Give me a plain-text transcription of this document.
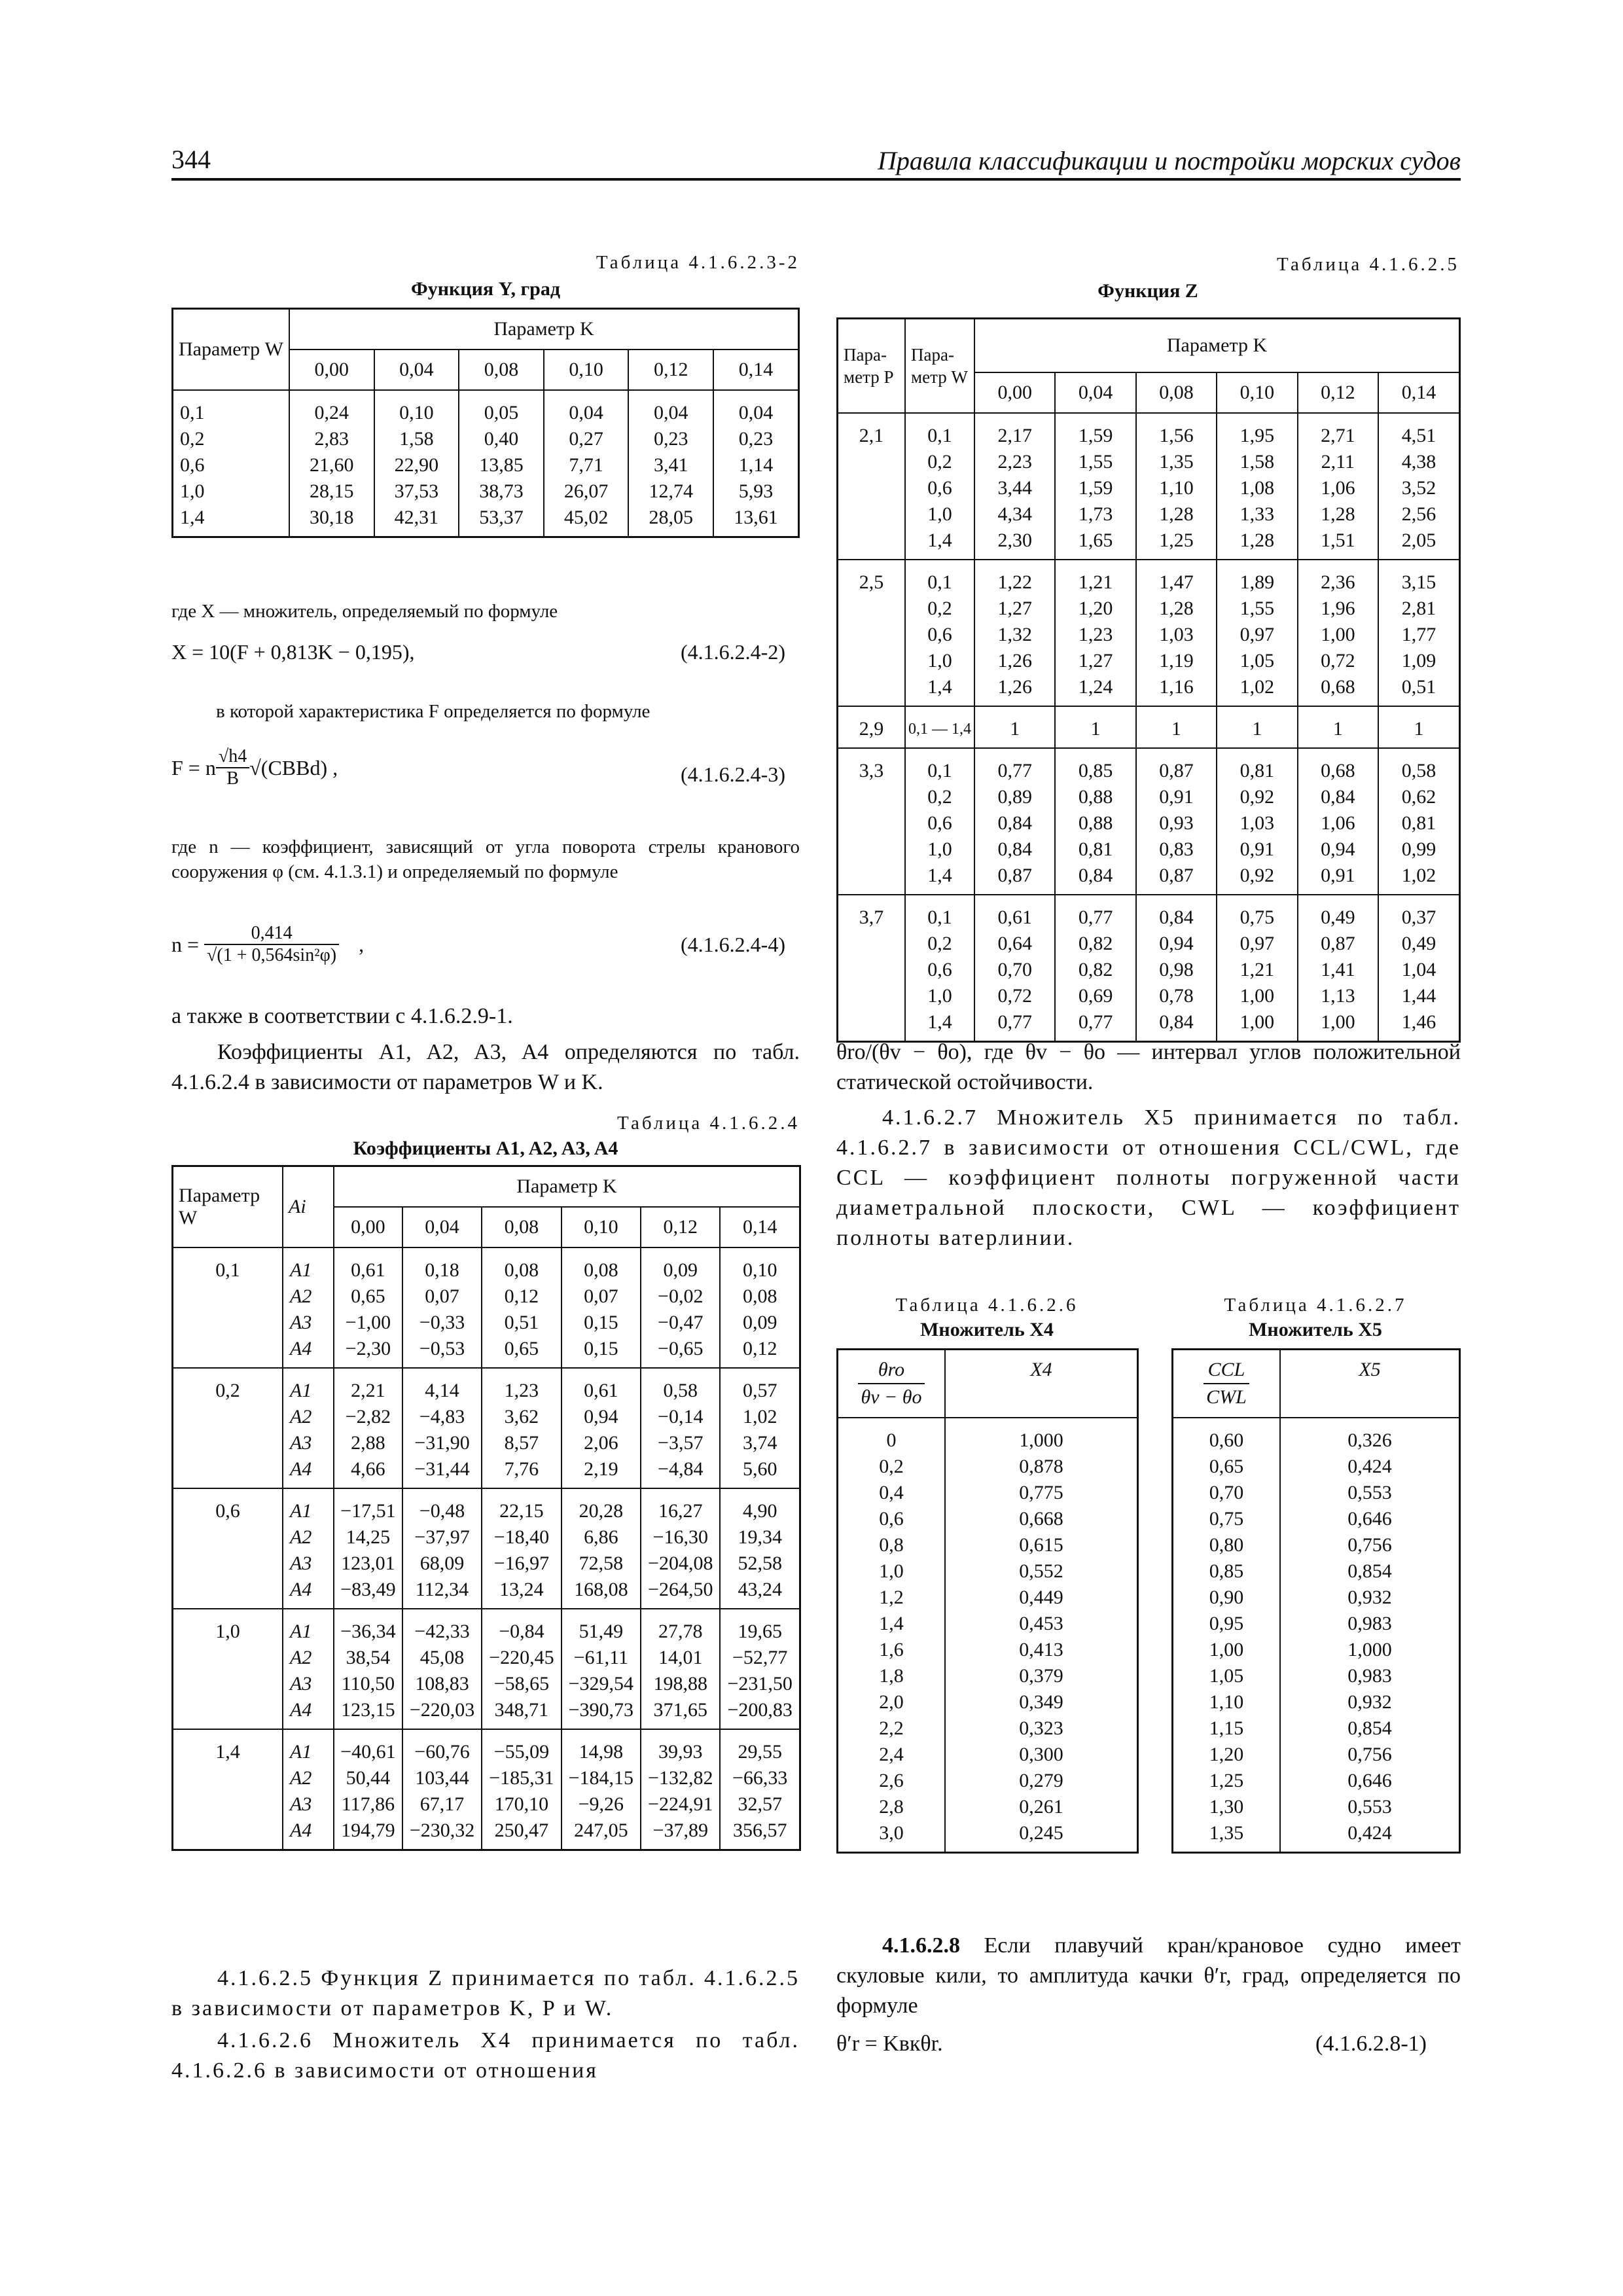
344	Правила классификации и постройки морских судов
Таблица 4.1.6.2.3-2
Функция Y, град
Параметр W	Параметр K					
	0,00	0,04	0,08	0,10	0,12	0,14
0,1	0,24	0,10	0,05	0,04	0,04	0,04
0,2	2,83	1,58	0,40	0,27	0,23	0,23
0,6	21,60	22,90	13,85	7,71	3,41	1,14
1,0	28,15	37,53	38,73	26,07	12,74	5,93
1,4	30,18	42,31	53,37	45,02	28,05	13,61
где X — множитель, определяемый по формуле
X = 10(F + 0,813K − 0,195),	(4.1.6.2.4-2)
в которой характеристика F определяется по формуле
F = n $\frac{√h4}{B}$ √(CBBd) ,	(4.1.6.2.4-3)
где n — коэффициент, зависящий от угла поворота стрелы кранового сооружения φ (см. 4.1.3.1) и определяемый по формуле
$n = \frac{0,414}{\text{√(1 + 0,564sin²φ)}}$ ,	(4.1.6.2.4-4)
а также в соответствии с 4.1.6.2.9-1.
Коэффициенты A1, A2, A3, A4 определяются по табл. 4.1.6.2.4 в зависимости от параметров W и K.
Таблица 4.1.6.2.4
Коэффициенты A1, A2, A3, A4
Параметр W	Ai	Параметр K					
		0,00	0,04	0,08	0,10	0,12	0,14
0,1	A1	0,61	0,18	0,08	0,08	0,09	0,10
	A2	0,65	0,07	0,12	0,07	−0,02	0,08
	A3	−1,00	−0,33	0,51	0,15	−0,47	0,09
	A4	−2,30	−0,53	0,65	0,15	−0,65	0,12
0,2	A1	2,21	4,14	1,23	0,61	0,58	0,57
	A2	−2,82	−4,83	3,62	0,94	−0,14	1,02
	A3	2,88	−31,90	8,57	2,06	−3,57	3,74
	A4	4,66	−31,44	7,76	2,19	−4,84	5,60
0,6	A1	−17,51	−0,48	22,15	20,28	16,27	4,90
	A2	14,25	−37,97	−18,40	6,86	−16,30	19,34
	A3	123,01	68,09	−16,97	72,58	−204,08	52,58
	A4	−83,49	112,34	13,24	168,08	−264,50	43,24
1,0	A1	−36,34	−42,33	−0,84	51,49	27,78	19,65
	A2	38,54	45,08	−220,45	−61,11	14,01	−52,77
	A3	110,50	108,83	−58,65	−329,54	198,88	−231,50
	A4	123,15	−220,03	348,71	−390,73	371,65	−200,83
1,4	A1	−40,61	−60,76	−55,09	14,98	39,93	29,55
	A2	50,44	103,44	−185,31	−184,15	−132,82	−66,33
	A3	117,86	67,17	170,10	−9,26	−224,91	32,57
	A4	194,79	−230,32	250,47	247,05	−37,89	356,57
4.1.6.2.5 Функция Z принимается по табл. 4.1.6.2.5 в зависимости от параметров K, P и W.
4.1.6.2.6 Множитель X4 принимается по табл. 4.1.6.2.6 в зависимости от отношения
Таблица 4.1.6.2.5
Функция Z
Пара-метр P	Пара-метр W	Параметр K					
		0,00	0,04	0,08	0,10	0,12	0,14
2,1	0,1	2,17	1,59	1,56	1,95	2,71	4,51
	0,2	2,23	1,55	1,35	1,58	2,11	4,38
	0,6	3,44	1,59	1,10	1,08	1,06	3,52
	1,0	4,34	1,73	1,28	1,33	1,28	2,56
	1,4	2,30	1,65	1,25	1,28	1,51	2,05
2,5	0,1	1,22	1,21	1,47	1,89	2,36	3,15
	0,2	1,27	1,20	1,28	1,55	1,96	2,81
	0,6	1,32	1,23	1,03	0,97	1,00	1,77
	1,0	1,26	1,27	1,19	1,05	0,72	1,09
	1,4	1,26	1,24	1,16	1,02	0,68	0,51
2,9	0,1 — 1,4	1	1	1	1	1	1
3,3	0,1	0,77	0,85	0,87	0,81	0,68	0,58
	0,2	0,89	0,88	0,91	0,92	0,84	0,62
	0,6	0,84	0,88	0,93	1,03	1,06	0,81
	1,0	0,84	0,81	0,83	0,91	0,94	0,99
	1,4	0,87	0,84	0,87	0,92	0,91	1,02
3,7	0,1	0,61	0,77	0,84	0,75	0,49	0,37
	0,2	0,64	0,82	0,94	0,97	0,87	0,49
	0,6	0,70	0,82	0,98	1,21	1,41	1,04
	1,0	0,72	0,69	0,78	1,00	1,13	1,44
	1,4	0,77	0,77	0,84	1,00	1,00	1,46
θro/(θv − θo), где θv − θo — интервал углов положительной статической остойчивости.
4.1.6.2.7 Множитель X5 принимается по табл. 4.1.6.2.7 в зависимости от отношения CCL/CWL, где CCL — коэффициент полноты погруженной части диаметральной плоскости, CWL — коэффициент полноты ватерлинии.
Таблица 4.1.6.2.6
Множитель X4
$\frac{\text{θro}}{\theta v - \theta o}$	X4
0	1,000
0,2	0,878
0,4	0,775
0,6	0,668
0,8	0,615
1,0	0,552
1,2	0,449
1,4	0,453
1,6	0,413
1,8	0,379
2,0	0,349
2,2	0,323
2,4	0,300
2,6	0,279
2,8	0,261
3,0	0,245
Таблица 4.1.6.2.7
Множитель X5
$\frac{\text{CCL}}{\text{CWL}}$	X5
0,60	0,326
0,65	0,424
0,70	0,553
0,75	0,646
0,80	0,756
0,85	0,854
0,90	0,932
0,95	0,983
1,00	1,000
1,05	0,983
1,10	0,932
1,15	0,854
1,20	0,756
1,25	0,646
1,30	0,553
1,35	0,424
4.1.6.2.8 Если плавучий кран/крановое судно имеет скуловые кили, то амплитуда качки θ′r, град, определяется по формуле
θ′r = Kвкθr.	(4.1.6.2.8-1)
